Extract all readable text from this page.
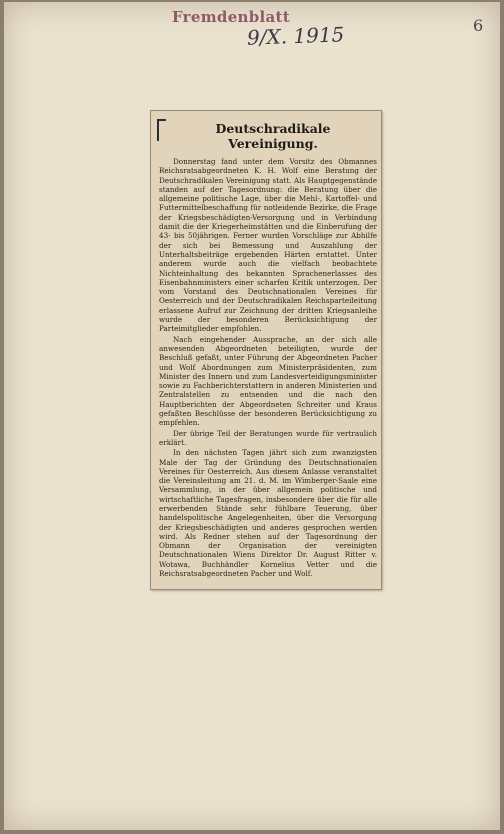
Fremdenblatt
9/X. 1915	6
Deutschradikale Vereinigung.

Donnerstag fand unter dem Vorsitz des Obmannes Reichsratsabgeordneten K. H. Wolf eine Beratung der Deutschradikalen Vereinigung statt. Als Hauptgegenstände standen auf der Tagesordnung: die Beratung über die allgemeine politische Lage, über die Mehl-, Kartoffel- und Futtermittelbeschaffung für notleidende Bezirke, die Frage der Kriegsbeschädigten-Versorgung und in Verbindung damit die der Kriegerheimstätten und die Einberufung der 43- bis 50jährigen. Ferner wurden Vorschläge zur Abhilfe der sich bei Bemessung und Auszahlung der Unterhaltsbeiträge ergebenden Härten erstattet. Unter anderem wurde auch die vielfach beobachtete Nichteinhaltung des bekannten Sprachenerlasses des Eisenbahnministers einer scharfen Kritik unterzogen. Der vom Vorstand des Deutschnationalen Vereines für Oesterreich und der Deutschradikalen Reichsparteileitung erlassene Aufruf zur Zeichnung der dritten Kriegsanleihe wurde der besonderen Berücksichtigung der Parteimitglieder empfohlen.

Nach eingehender Aussprache, an der sich alle anwesenden Abgeordneten beteiligten, wurde der Beschluß gefaßt, unter Führung der Abgeordneten Pacher und Wolf Abordnungen zum Ministerpräsidenten, zum Minister des Innern und zum Landesverteidigungsminister sowie zu Fachberichterstattern in anderen Ministerien und Zentralstellen zu entsenden und die nach den Hauptberichten der Abgeordneten Schreiter und Kraus gefaßten Beschlüsse der besonderen Berücksichtigung zu empfehlen.

Der übrige Teil der Beratungen wurde für vertraulich erklärt.

In den nächsten Tagen jährt sich zum zwanzigsten Male der Tag der Gründung des Deutschnationalen Vereines für Oesterreich. Aus diesem Anlasse veranstaltet die Vereinsleitung am 21. d. M. im Wimberger-Saale eine Versammlung, in der über allgemein politische und wirtschaftliche Tagesfragen, insbesondere über die für alle erwerbenden Stände sehr fühlbare Teuerung, über handelspolitische Angelegenheiten, über die Versorgung der Kriegsbeschädigten und anderes gesprochen werden wird. Als Redner stehen auf der Tagesordnung der Obmann der Organisation der vereinigten Deutschnationalen Wiens Direktor Dr. August Ritter v. Wotawa, Buchhändler Kornelius Vetter und die Reichsratsabgeordneten Pacher und Wolf.
